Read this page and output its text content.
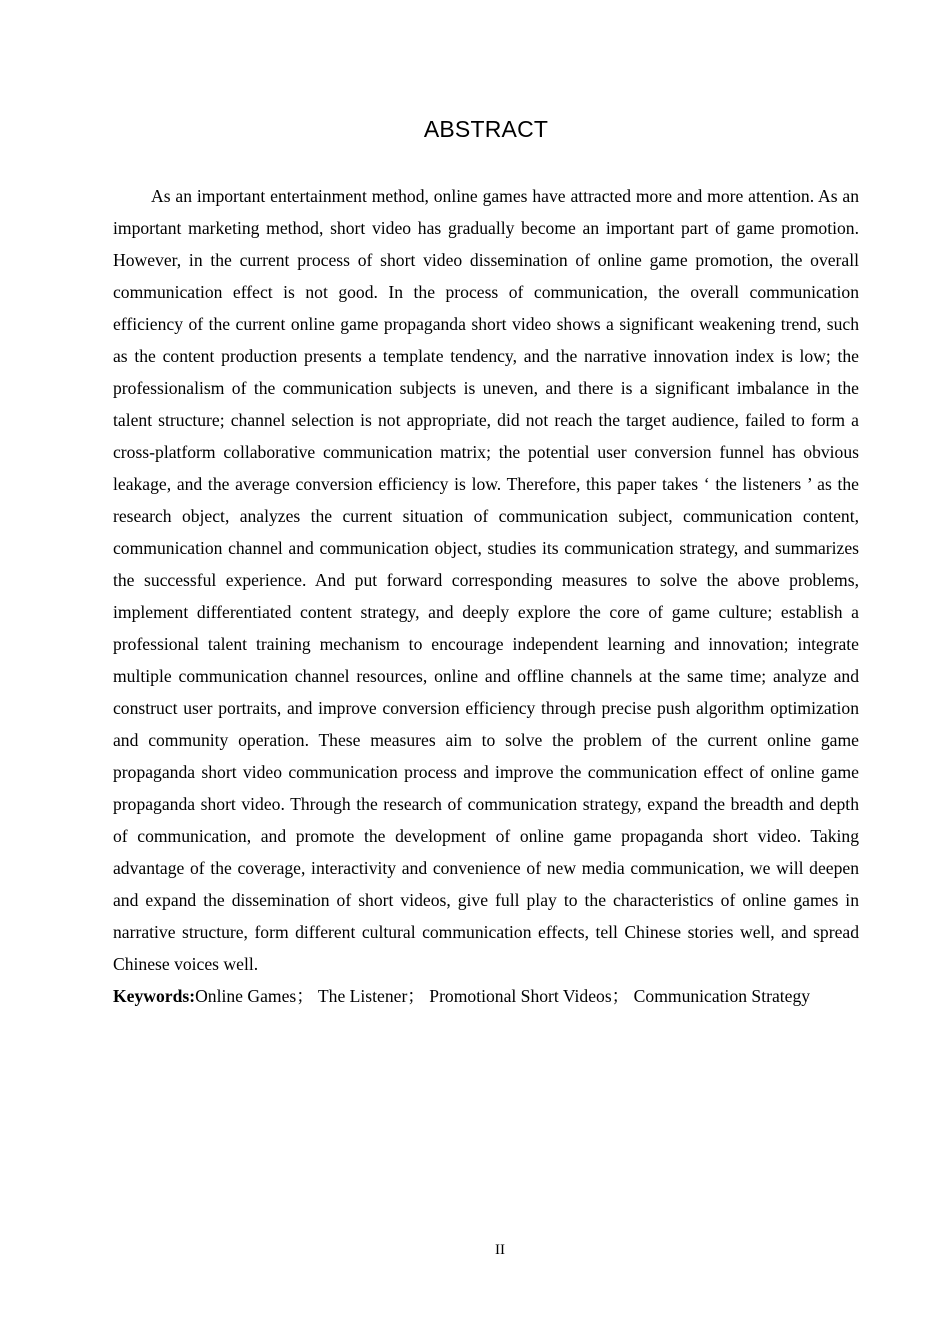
ABSTRACT

As an important entertainment method, online games have attracted more and more attention. As an important marketing method, short video has gradually become an important part of game promotion. However, in the current process of short video dissemination of online game promotion, the overall communication effect is not good. In the process of communication, the overall communication efficiency of the current online game propaganda short video shows a significant weakening trend, such as the content production presents a template tendency, and the narrative innovation index is low; the professionalism of the communication subjects is uneven, and there is a significant imbalance in the talent structure; channel selection is not appropriate, did not reach the target audience, failed to form a cross-platform collaborative communication matrix; the potential user conversion funnel has obvious leakage, and the average conversion efficiency is low. Therefore, this paper takes ‘ the listeners ’ as the research object, analyzes the current situation of communication subject, communication content, communication channel and communication object, studies its communication strategy, and summarizes the successful experience. And put forward corresponding measures to solve the above problems, implement differentiated content strategy, and deeply explore the core of game culture; establish a professional talent training mechanism to encourage independent learning and innovation; integrate multiple communication channel resources, online and offline channels at the same time; analyze and construct user portraits, and improve conversion efficiency through precise push algorithm optimization and community operation. These measures aim to solve the problem of the current online game propaganda short video communication process and improve the communication effect of online game propaganda short video. Through the research of communication strategy, expand the breadth and depth of communication, and promote the development of online game propaganda short video. Taking advantage of the coverage, interactivity and convenience of new media communication, we will deepen and expand the dissemination of short videos, give full play to the characteristics of online games in narrative structure, form different cultural communication effects, tell Chinese stories well, and spread Chinese voices well.

Keywords:Online Games； The Listener； Promotional Short Videos； Communication Strategy

II
